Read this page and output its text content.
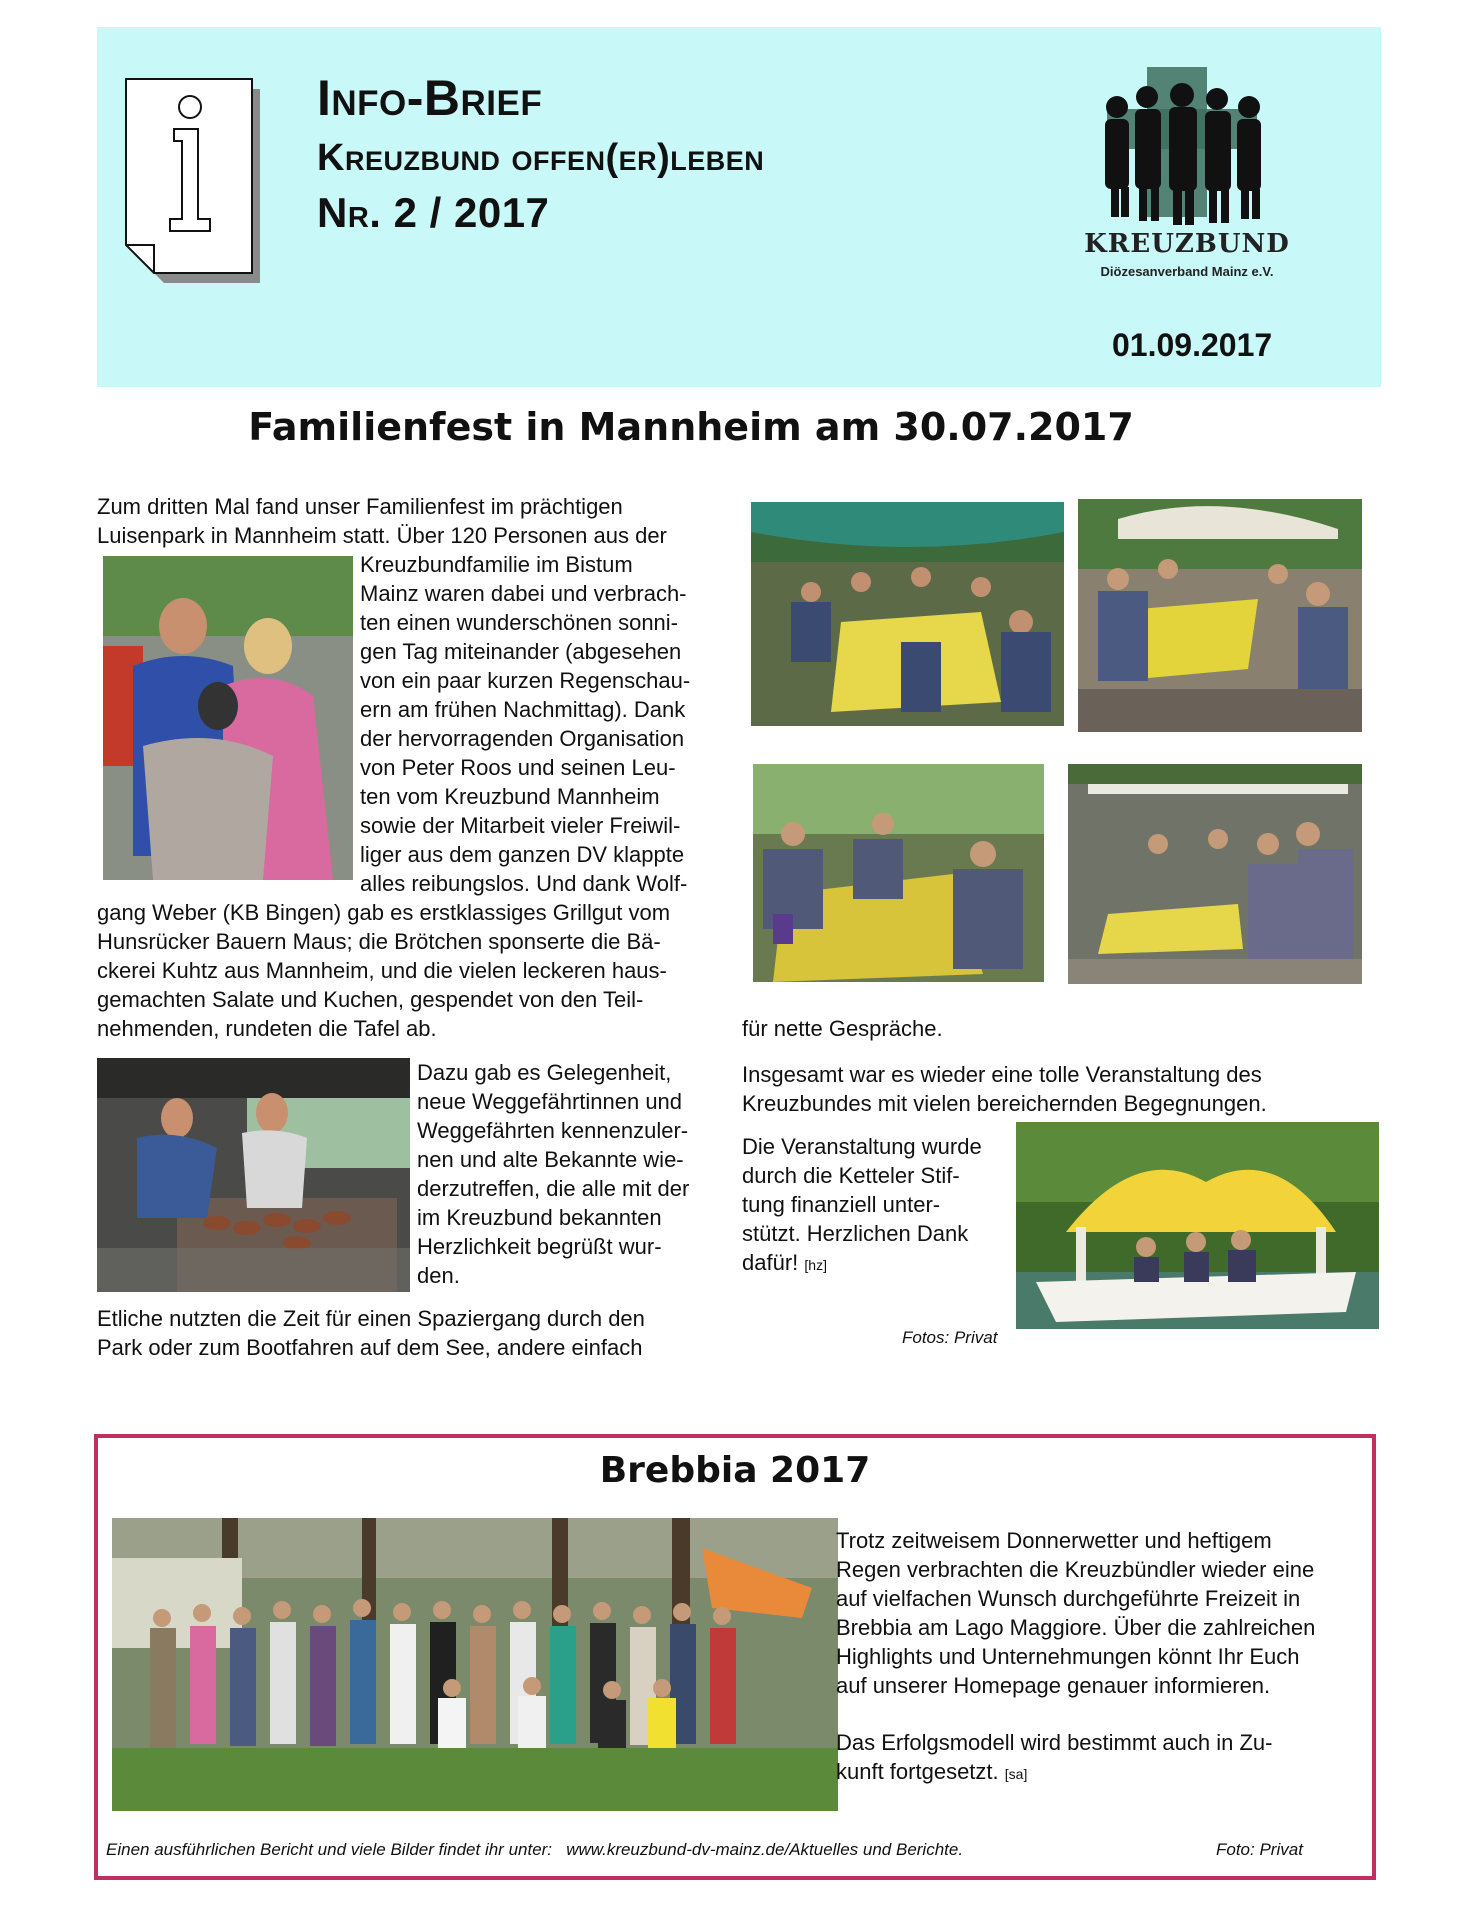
Info-Brief
Kreuzbund offen(er)leben
Nr. 2 / 2017
KREUZBUND
Diözesanverband Mainz e.V.
01.09.2017
Familienfest in Mannheim am 30.07.2017
Zum dritten Mal fand unser Familienfest im prächtigen
Luisenpark in Mannheim statt. Über 120 Personen aus der
Kreuzbundfamilie im Bistum
Mainz waren dabei und verbrach-
ten einen wunderschönen sonni-
gen Tag miteinander (abgesehen
von ein paar kurzen Regenschau-
ern am frühen Nachmittag). Dank
der hervorragenden Organisation
von Peter Roos und seinen Leu-
ten vom Kreuzbund Mannheim
sowie der Mitarbeit vieler Freiwil-
liger aus dem ganzen DV klappte
alles reibungslos. Und dank Wolf-
gang Weber (KB Bingen) gab es erstklassiges Grillgut vom
Hunsrücker Bauern Maus; die Brötchen sponserte die Bä-
ckerei Kuhtz aus Mannheim, und die vielen leckeren haus-
gemachten Salate und Kuchen, gespendet von den Teil-
nehmenden, rundeten die Tafel ab.
Dazu gab es Gelegenheit,
neue Weggefährtinnen und
Weggefährten kennenzuler-
nen und alte Bekannte wie-
derzutreffen, die alle mit der
im Kreuzbund bekannten
Herzlichkeit begrüßt wur-
den.
Etliche nutzten die Zeit für einen Spaziergang durch den
Park oder zum Bootfahren auf dem See, andere einfach
für nette Gespräche.
Insgesamt war es wieder eine tolle Veranstaltung des
Kreuzbundes mit vielen bereichernden Begegnungen.
Die Veranstaltung wurde
durch die Ketteler Stif-
tung finanziell unter-
stützt. Herzlichen Dank
dafür! [hz]
Fotos: Privat
Brebbia 2017
Trotz zeitweisem Donnerwetter und heftigem
Regen verbrachten die Kreuzbündler wieder eine
auf vielfachen Wunsch durchgeführte Freizeit in
Brebbia am Lago Maggiore. Über die zahlreichen
Highlights und Unternehmungen könnt Ihr Euch
auf unserer Homepage genauer informieren.
Das Erfolgsmodell wird bestimmt auch in Zu-
kunft fortgesetzt. [sa]
Einen ausführlichen Bericht und viele Bilder findet ihr unter:   www.kreuzbund-dv-mainz.de/Aktuelles und Berichte.	Foto: Privat
